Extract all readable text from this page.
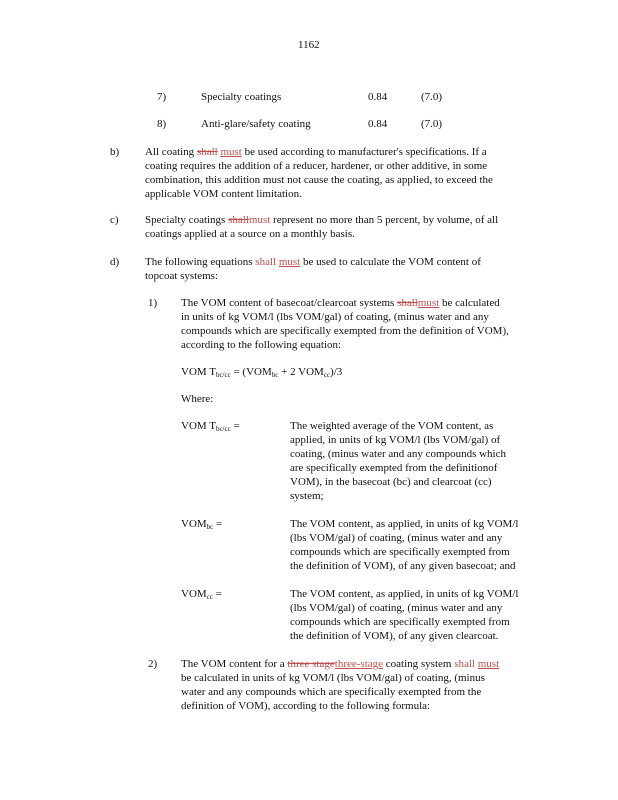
1162
7)	Specialty coatings	0.84	(7.0)
8)	Anti-glare/safety coating	0.84	(7.0)
b) All coating shall must be used according to manufacturer's specifications. If a
coating requires the addition of a reducer, hardener, or other additive, in some
combination, this addition must not cause the coating, as applied, to exceed the
applicable VOM content limitation.
c) Specialty coatings shallmust represent no more than 5 percent, by volume, of all
coatings applied at a source on a monthly basis.
d) The following equations shall must be used to calculate the VOM content of
topcoat systems:
1) The VOM content of basecoat/clearcoat systems shallmust be calculated
in units of kg VOM/l (lbs VOM/gal) of coating, (minus water and any
compounds which are specifically exempted from the definition of VOM),
according to the following equation:
VOM $T_{bc/cc} = (VOM_{bc} + 2$ $VOM_{cc})/3$
Where:
VOM $T_{bc/cc}$ =	The weighted average of the VOM content, as
applied, in units of kg VOM/l (lbs VOM/gal) of
coating, (minus water and any compounds which
are specifically exempted from the definitionof
VOM), in the basecoat (bc) and clearcoat (cc)
system;
$VOM_{bc}$ =	The VOM content, as applied, in units of kg VOM/l
(lbs VOM/gal) of coating, (minus water and any
compounds which are specifically exempted from
the definition of VOM), of any given basecoat; and
$VOM_{cc}$ =	The VOM content, as applied, in units of kg VOM/l
(lbs VOM/gal) of coating, (minus water and any
compounds which are specifically exempted from
the definition of VOM), of any given clearcoat.
2) The VOM content for a three stagethree-stage coating system shall must
be calculated in units of kg VOM/l (lbs VOM/gal) of coating, (minus
water and any compounds which are specifically exempted from the
definition of VOM), according to the following formula:
